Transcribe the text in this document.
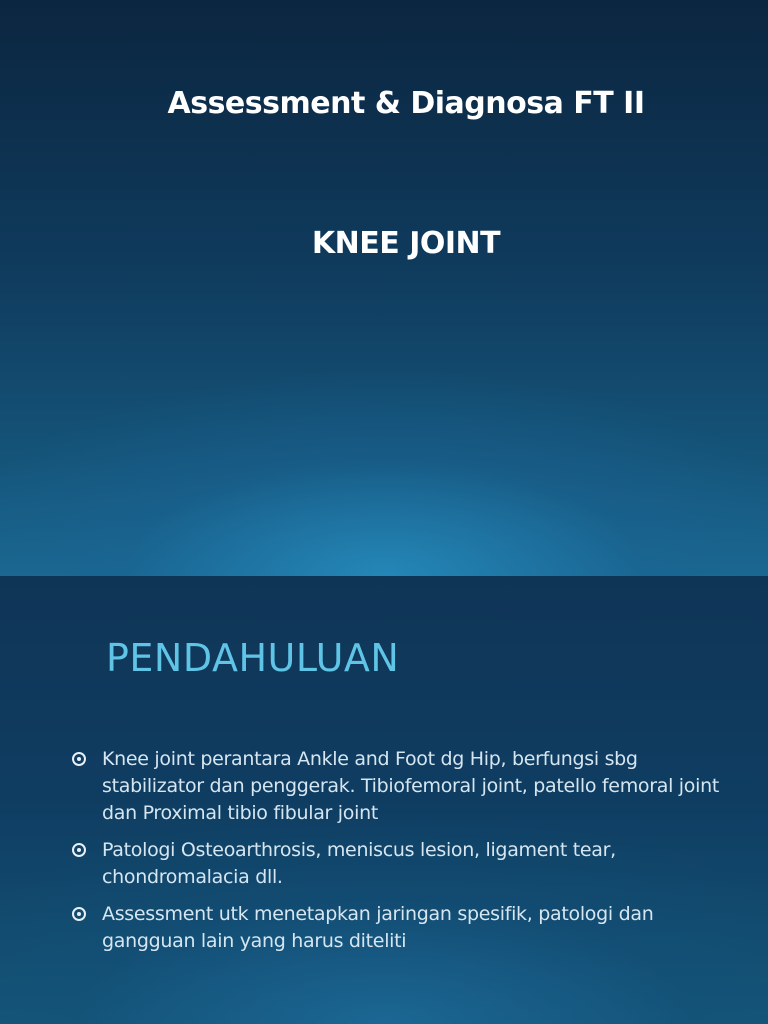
Assessment & Diagnosa FT II
KNEE JOINT
PENDAHULUAN
Knee joint perantara Ankle and Foot dg Hip, berfungsi sbg stabilizator dan penggerak. Tibiofemoral joint, patello femoral joint dan Proximal tibio fibular joint
Patologi Osteoarthrosis, meniscus lesion, ligament tear, chondromalacia dll.
Assessment utk menetapkan jaringan spesifik, patologi dan gangguan lain yang harus diteliti
